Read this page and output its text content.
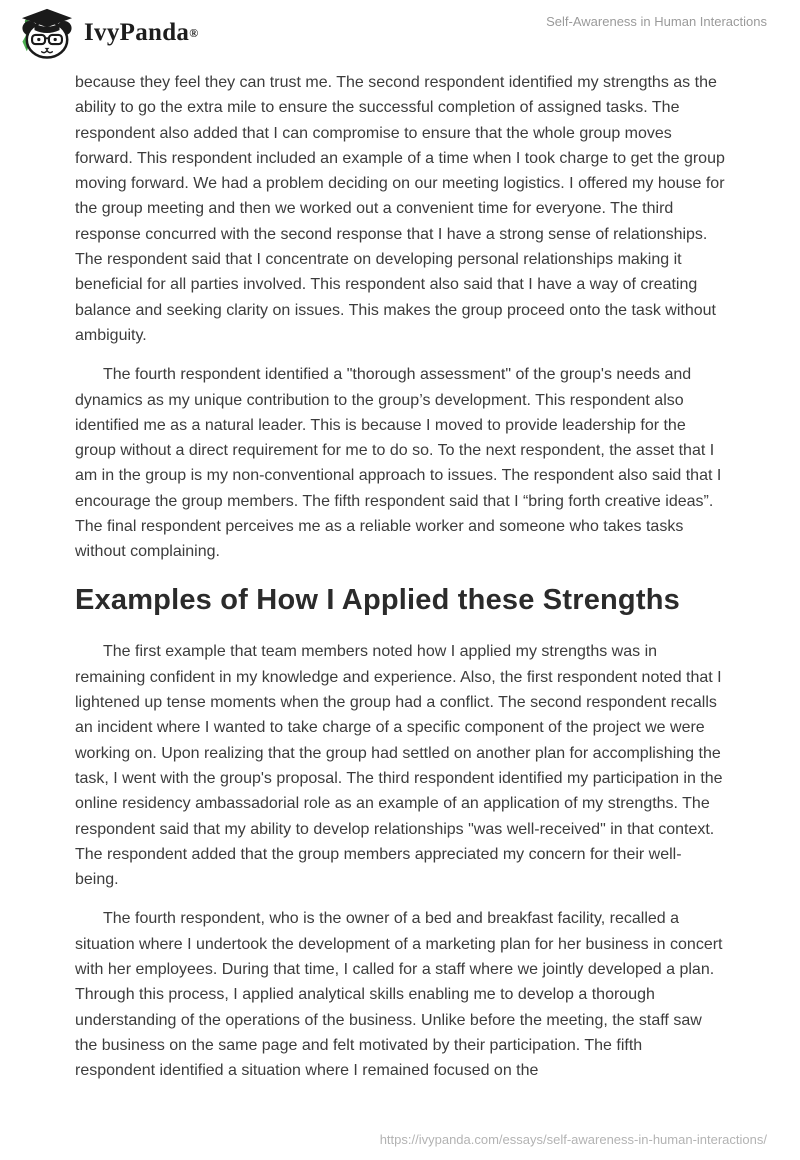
IvyPanda ®
Self-Awareness in Human Interactions

because they feel they can trust me. The second respondent identified my strengths as the ability to go the extra mile to ensure the successful completion of assigned tasks. The respondent also added that I can compromise to ensure that the whole group moves forward. This respondent included an example of a time when I took charge to get the group moving forward. We had a problem deciding on our meeting logistics. I offered my house for the group meeting and then we worked out a convenient time for everyone. The third response concurred with the second response that I have a strong sense of relationships. The respondent said that I concentrate on developing personal relationships making it beneficial for all parties involved. This respondent also said that I have a way of creating balance and seeking clarity on issues. This makes the group proceed onto the task without ambiguity.

The fourth respondent identified a "thorough assessment" of the group's needs and dynamics as my unique contribution to the group’s development. This respondent also identified me as a natural leader. This is because I moved to provide leadership for the group without a direct requirement for me to do so. To the next respondent, the asset that I am in the group is my non-conventional approach to issues. The respondent also said that I encourage the group members. The fifth respondent said that I “bring forth creative ideas”. The final respondent perceives me as a reliable worker and someone who takes tasks without complaining.

Examples of How I Applied these Strengths

The first example that team members noted how I applied my strengths was in remaining confident in my knowledge and experience. Also, the first respondent noted that I lightened up tense moments when the group had a conflict. The second respondent recalls an incident where I wanted to take charge of a specific component of the project we were working on. Upon realizing that the group had settled on another plan for accomplishing the task, I went with the group's proposal. The third respondent identified my participation in the online residency ambassadorial role as an example of an application of my strengths. The respondent said that my ability to develop relationships "was well-received" in that context. The respondent added that the group members appreciated my concern for their well-being.

The fourth respondent, who is the owner of a bed and breakfast facility, recalled a situation where I undertook the development of a marketing plan for her business in concert with her employees. During that time, I called for a staff where we jointly developed a plan. Through this process, I applied analytical skills enabling me to develop a thorough understanding of the operations of the business. Unlike before the meeting, the staff saw the business on the same page and felt motivated by their participation. The fifth respondent identified a situation where I remained focused on the

https://ivypanda.com/essays/self-awareness-in-human-interactions/
